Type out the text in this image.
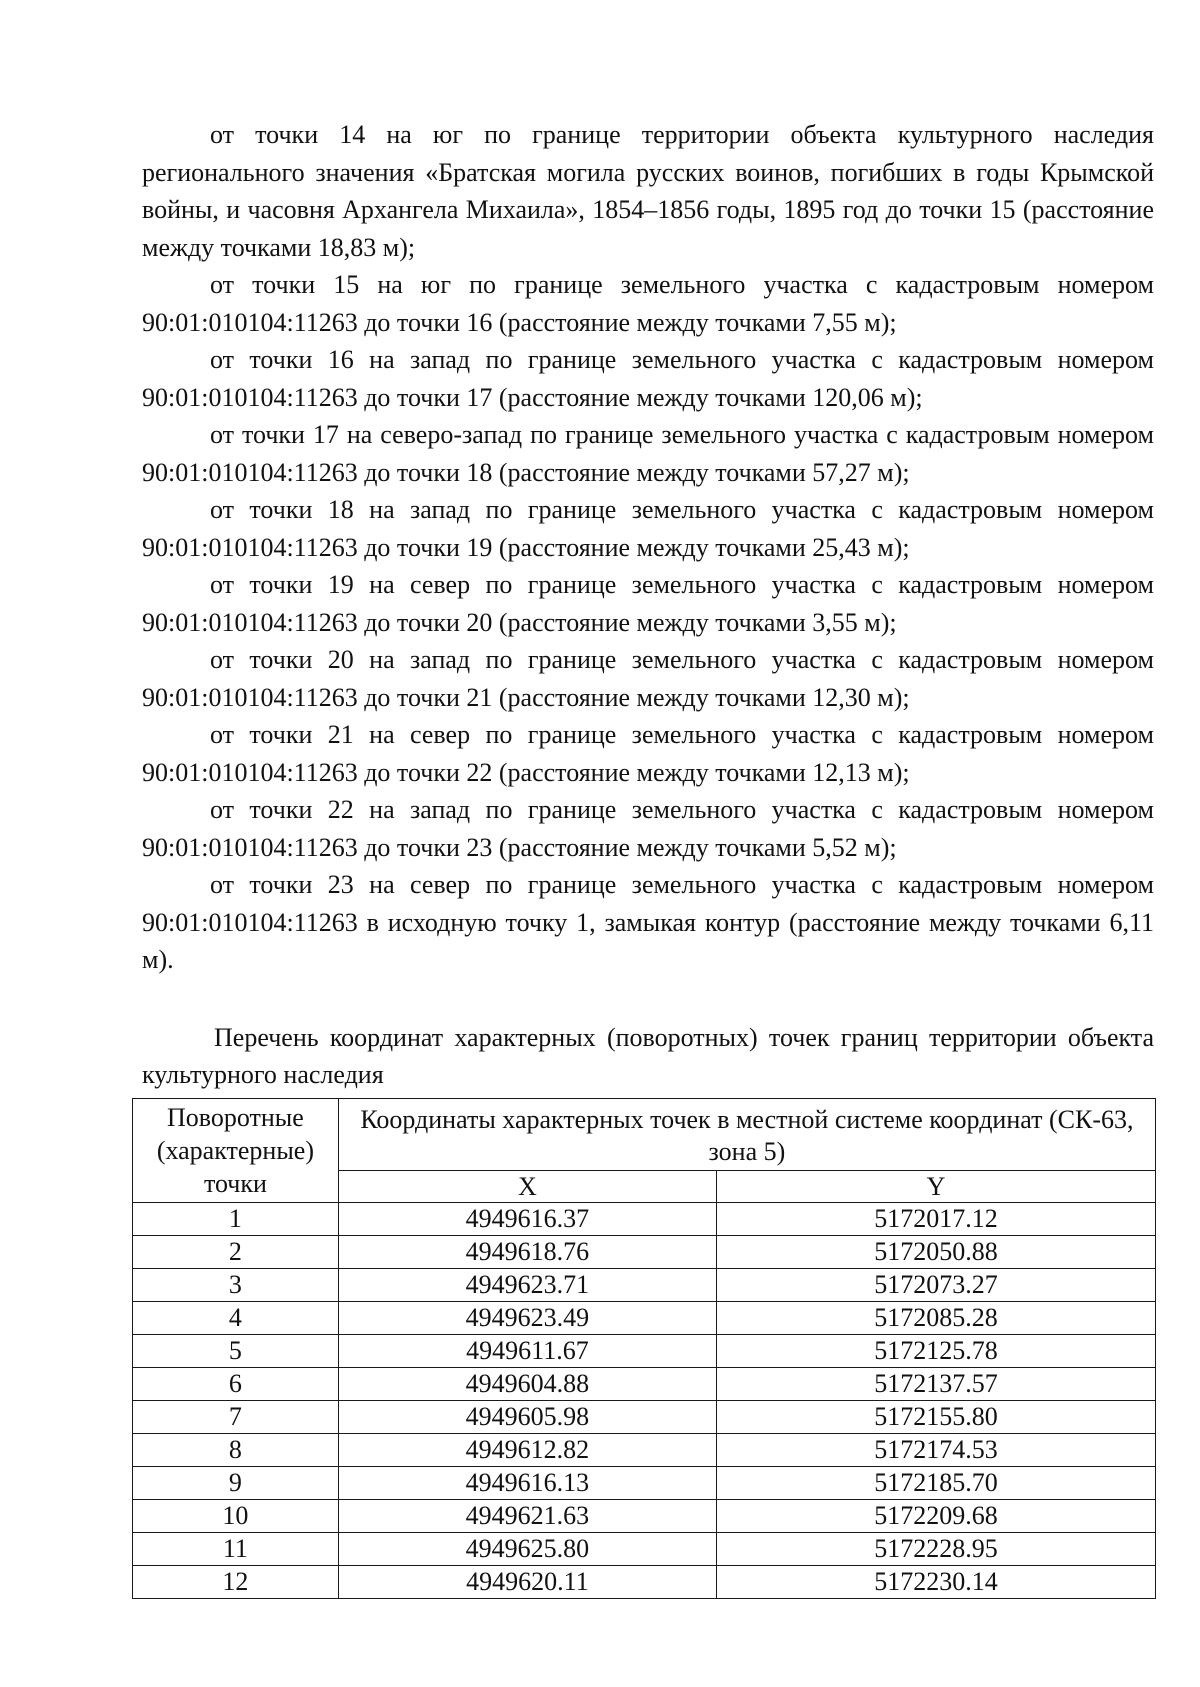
от точки 14 на юг по границе территории объекта культурного наследия регионального значения «Братская могила русских воинов, погибших в годы Крымской войны, и часовня Архангела Михаила», 1854–1856 годы, 1895 год до точки 15 (расстояние между точками 18,83 м);

от точки 15 на юг по границе земельного участка с кадастровым номером 90:01:010104:11263 до точки 16 (расстояние между точками 7,55 м);

от точки 16 на запад по границе земельного участка с кадастровым номером 90:01:010104:11263 до точки 17 (расстояние между точками 120,06 м);

от точки 17 на северо-запад по границе земельного участка с кадастровым номером 90:01:010104:11263 до точки 18 (расстояние между точками 57,27 м);

от точки 18 на запад по границе земельного участка с кадастровым номером 90:01:010104:11263 до точки 19 (расстояние между точками 25,43 м);

от точки 19 на север по границе земельного участка с кадастровым номером 90:01:010104:11263 до точки 20 (расстояние между точками 3,55 м);

от точки 20 на запад по границе земельного участка с кадастровым номером 90:01:010104:11263 до точки 21 (расстояние между точками 12,30 м);

от точки 21 на север по границе земельного участка с кадастровым номером 90:01:010104:11263 до точки 22 (расстояние между точками 12,13 м);

от точки 22 на запад по границе земельного участка с кадастровым номером 90:01:010104:11263 до точки 23 (расстояние между точками 5,52 м);

от точки 23 на север по границе земельного участка с кадастровым номером 90:01:010104:11263 в исходную точку 1, замыкая контур (расстояние между точками 6,11 м).

Перечень координат характерных (поворотных) точек границ территории объекта культурного наследия

Поворотные (характерные) точки	Координаты характерных точек в местной системе координат (СК-63, зона 5)	
	X	Y
1	4949616.37	5172017.12
2	4949618.76	5172050.88
3	4949623.71	5172073.27
4	4949623.49	5172085.28
5	4949611.67	5172125.78
6	4949604.88	5172137.57
7	4949605.98	5172155.80
8	4949612.82	5172174.53
9	4949616.13	5172185.70
10	4949621.63	5172209.68
11	4949625.80	5172228.95
12	4949620.11	5172230.14
